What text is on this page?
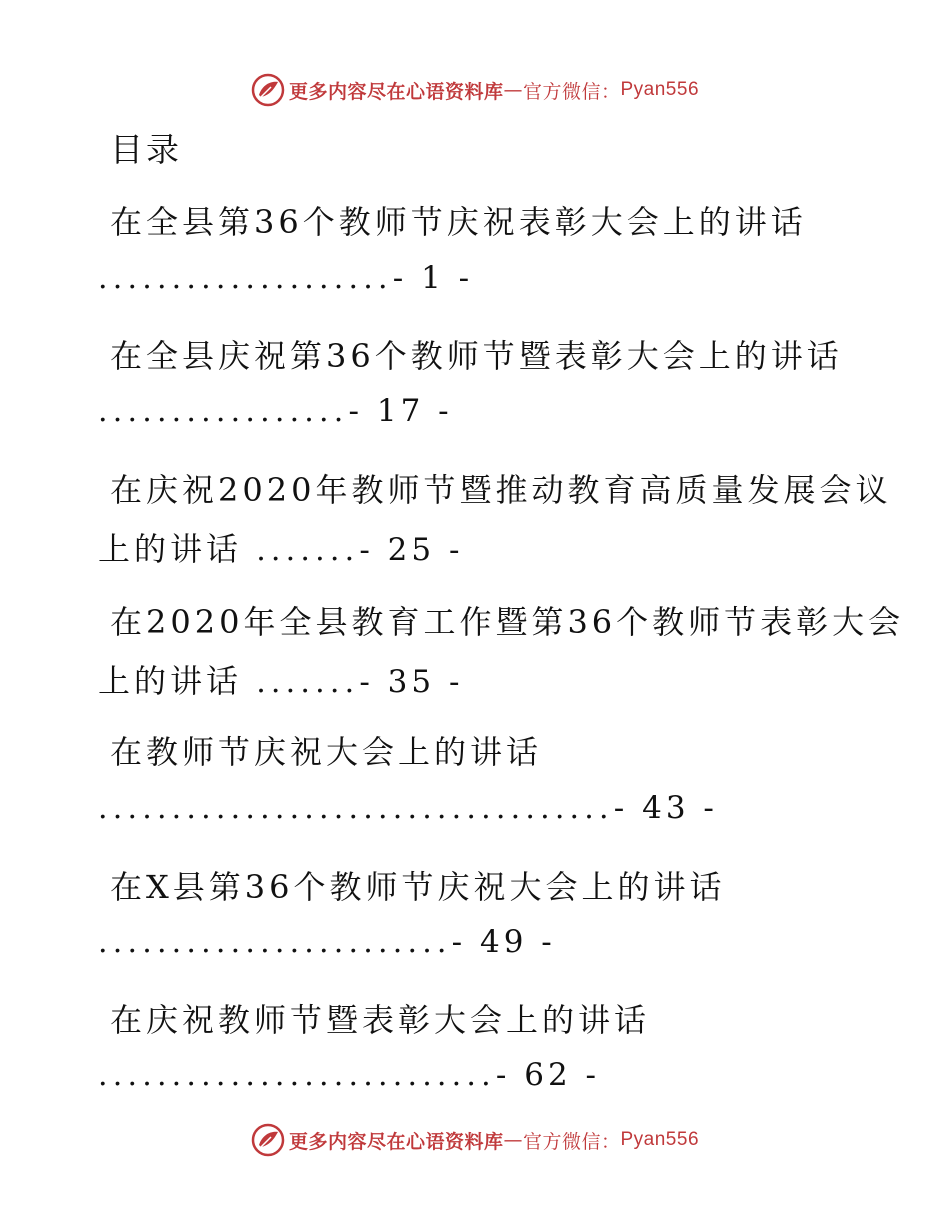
更多内容尽在心语资料库 — 官方微信： Pyan556
目录
在全县第36个教师节庆祝表彰大会上的讲话
....................- 1 -
在全县庆祝第36个教师节暨表彰大会上的讲话
.................- 17 -
在庆祝2020年教师节暨推动教育高质量发展会议
上的讲话 .......- 25 -
在2020年全县教育工作暨第36个教师节表彰大会
上的讲话 .......- 35 -
在教师节庆祝大会上的讲话
...................................- 43 -
在X县第36个教师节庆祝大会上的讲话
........................- 49 -
在庆祝教师节暨表彰大会上的讲话
...........................- 62 -
更多内容尽在心语资料库 — 官方微信： Pyan556
